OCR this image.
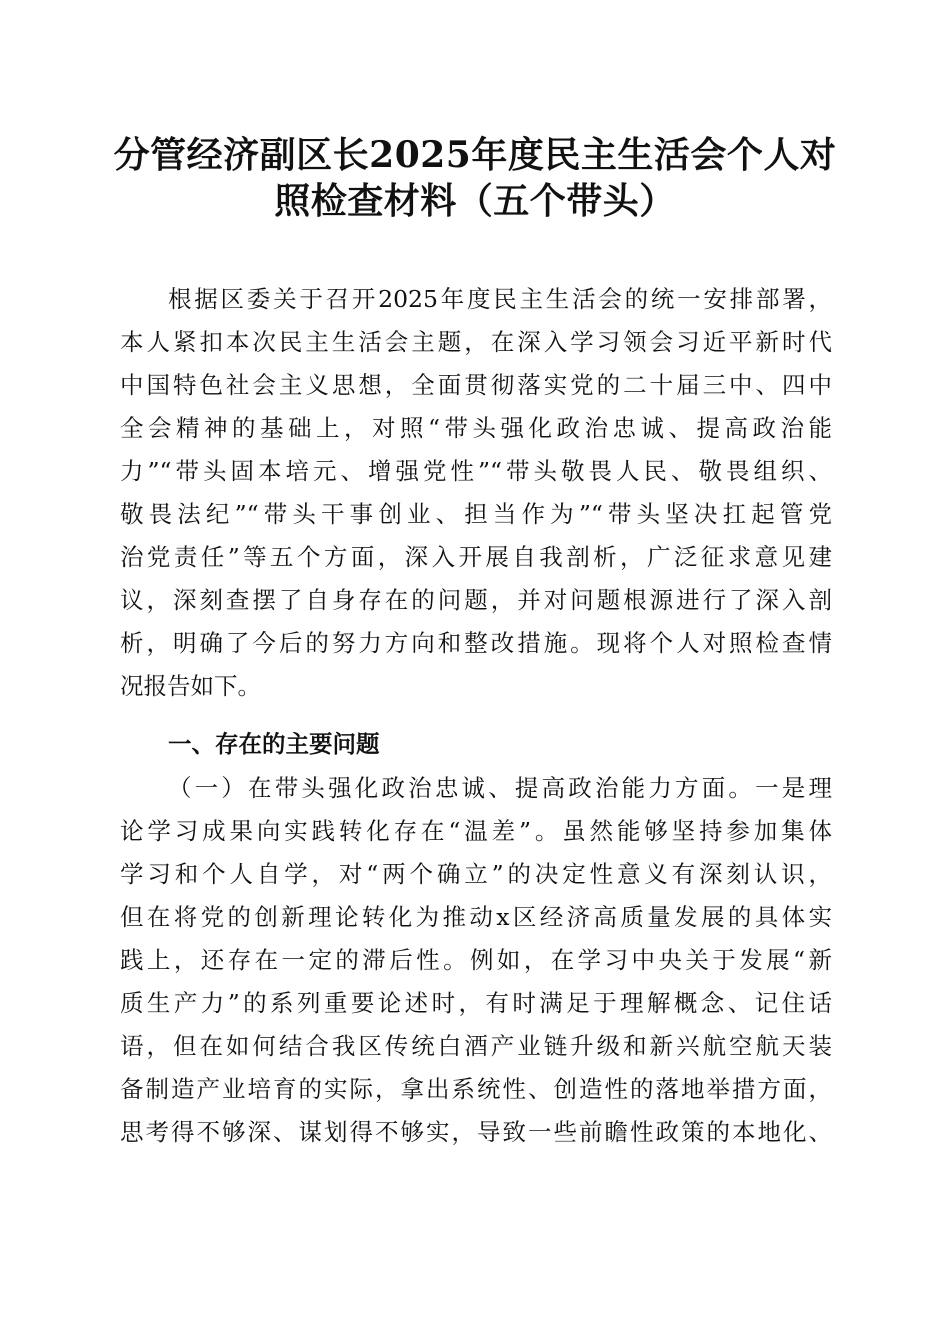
分管经济副区长2025年度民主生活会个人对
照检查材料（五个带头）

根据区委关于召开2025年度民主生活会的统一安排部署，

本人紧扣本次民主生活会主题，在深入学习领会习近平新时代

中国特色社会主义思想，全面贯彻落实党的二十届三中、四中

全会精神的基础上，对照“带头强化政治忠诚、提高政治能

力”“带头固本培元、增强党性”“带头敬畏人民、敬畏组织、

敬畏法纪”“带头干事创业、担当作为”“带头坚决扛起管党

治党责任”等五个方面，深入开展自我剖析，广泛征求意见建

议，深刻查摆了自身存在的问题，并对问题根源进行了深入剖

析，明确了今后的努力方向和整改措施。现将个人对照检查情

况报告如下。

一、存在的主要问题

（一）在带头强化政治忠诚、提高政治能力方面。一是理

论学习成果向实践转化存在“温差”。虽然能够坚持参加集体

学习和个人自学，对“两个确立”的决定性意义有深刻认识，

但在将党的创新理论转化为推动x区经济高质量发展的具体实

践上，还存在一定的滞后性。例如，在学习中央关于发展“新

质生产力”的系列重要论述时，有时满足于理解概念、记住话

语，但在如何结合我区传统白酒产业链升级和新兴航空航天装

备制造产业培育的实际，拿出系统性、创造性的落地举措方面，

思考得不够深、谋划得不够实，导致一些前瞻性政策的本地化、
